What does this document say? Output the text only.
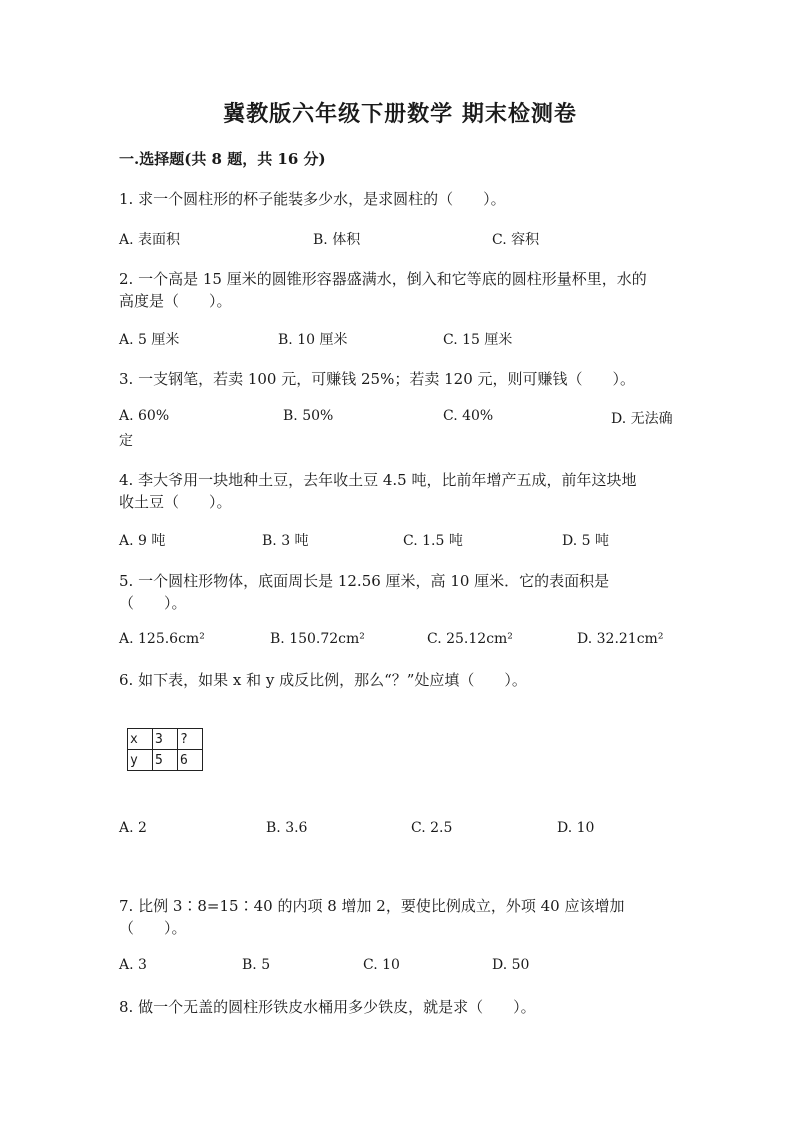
冀教版六年级下册数学 期末检测卷
一.选择题(共 8 题，共 16 分)
1. 求一个圆柱形的杯子能装多少水，是求圆柱的（　　）。
A. 表面积	B. 体积	C. 容积
2. 一个高是 15 厘米的圆锥形容器盛满水，倒入和它等底的圆柱形量杯里，水的
高度是（　　）。
A. 5 厘米	B. 10 厘米	C. 15 厘米
3. 一支钢笔，若卖 100 元，可赚钱 25%；若卖 120 元，则可赚钱（　　）。
A. 60%	B. 50%	C. 40%	D. 无法确
定
4. 李大爷用一块地种土豆，去年收土豆 4.5 吨，比前年增产五成，前年这块地
收土豆（　　）。
A. 9 吨	B. 3 吨	C. 1.5 吨	D. 5 吨
5. 一个圆柱形物体，底面周长是 12.56 厘米，高 10 厘米．它的表面积是
（　　）。
A. 125.6cm²	B. 150.72cm²	C. 25.12cm²	D. 32.21cm²
6. 如下表，如果 x 和 y 成反比例，那么“？”处应填（　　）。
x	3	?
y	5	6
A. 2	B. 3.6	C. 2.5	D. 10
7. 比例 3∶8=15∶40 的内项 8 增加 2，要使比例成立，外项 40 应该增加
（　　）。
A. 3	B. 5	C. 10	D. 50
8. 做一个无盖的圆柱形铁皮水桶用多少铁皮，就是求（　　）。
